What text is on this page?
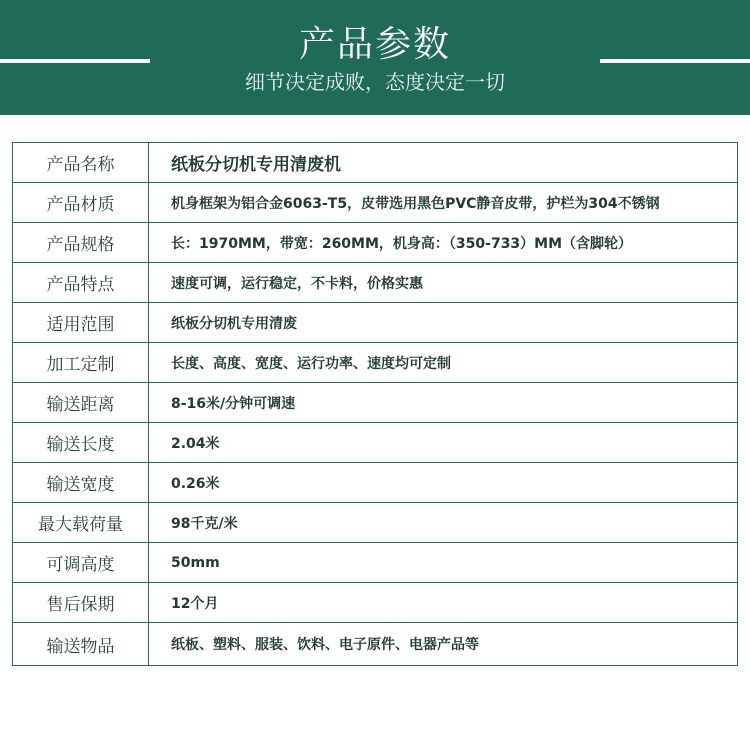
产品参数
细节决定成败，态度决定一切
产品名称	纸板分切机专用清废机
产品材质	机身框架为铝合金6063-T5，皮带选用黑色PVC静音皮带，护栏为304不锈钢
产品规格	长：1970MM，带宽：260MM，机身高：（350-733）MM（含脚轮）
产品特点	速度可调，运行稳定，不卡料，价格实惠
适用范围	纸板分切机专用清废
加工定制	长度、高度、宽度、运行功率、速度均可定制
输送距离	8-16米/分钟可调速
输送长度	2.04米
输送宽度	0.26米
最大载荷量	98千克/米
可调高度	50mm
售后保期	12个月
输送物品	纸板、塑料、服装、饮料、电子原件、电器产品等
